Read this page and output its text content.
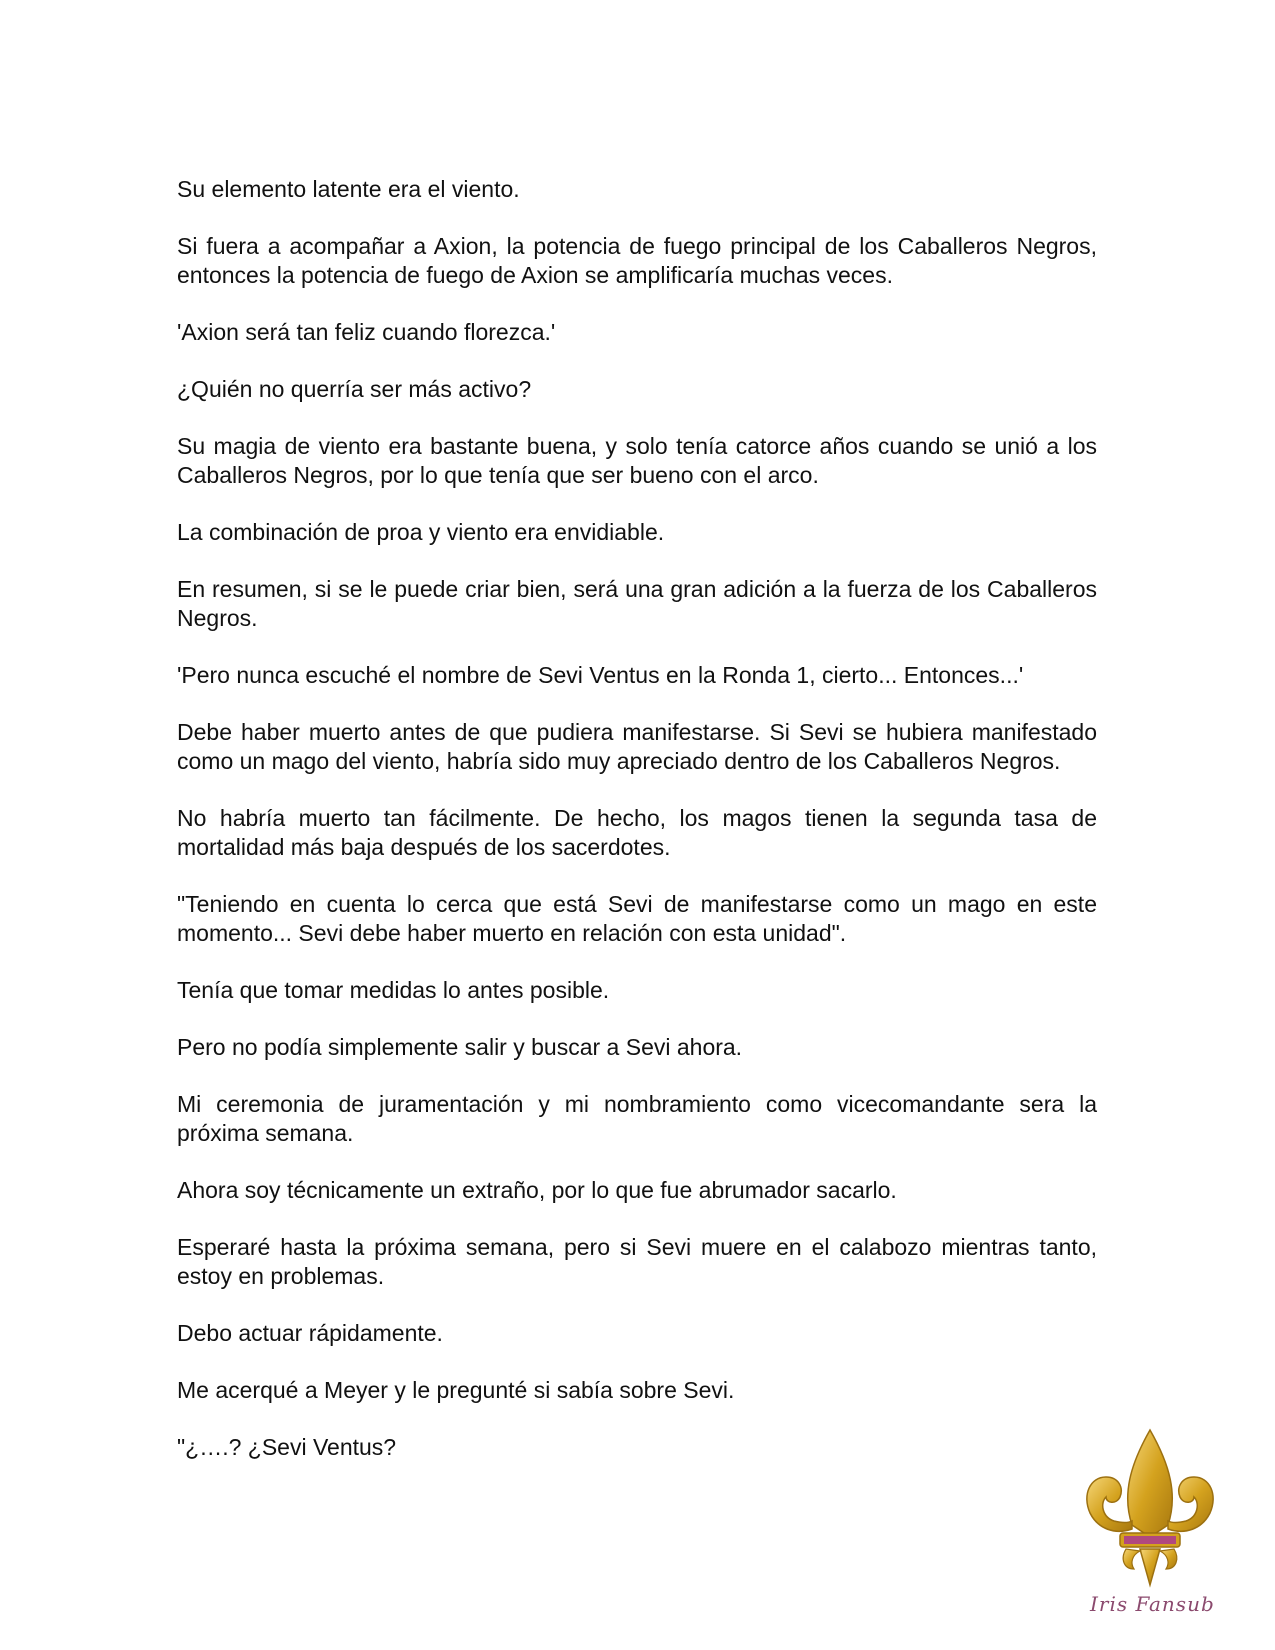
Su elemento latente era el viento.

Si fuera a acompañar a Axion, la potencia de fuego principal de los Caballeros Negros, entonces la potencia de fuego de Axion se amplificaría muchas veces.

'Axion será tan feliz cuando florezca.'

¿Quién no querría ser más activo?

Su magia de viento era bastante buena, y solo tenía catorce años cuando se unió a los Caballeros Negros, por lo que tenía que ser bueno con el arco.

La combinación de proa y viento era envidiable.

En resumen, si se le puede criar bien, será una gran adición a la fuerza de los Caballeros Negros.

'Pero nunca escuché el nombre de Sevi Ventus en la Ronda 1, cierto... Entonces...'

Debe haber muerto antes de que pudiera manifestarse. Si Sevi se hubiera manifestado como un mago del viento, habría sido muy apreciado dentro de los Caballeros Negros.

No habría muerto tan fácilmente. De hecho, los magos tienen la segunda tasa de mortalidad más baja después de los sacerdotes.

"Teniendo en cuenta lo cerca que está Sevi de manifestarse como un mago en este momento... Sevi debe haber muerto en relación con esta unidad".

Tenía que tomar medidas lo antes posible.

Pero no podía simplemente salir y buscar a Sevi ahora.

Mi ceremonia de juramentación y mi nombramiento como vicecomandante sera la próxima semana.

Ahora soy técnicamente un extraño, por lo que fue abrumador sacarlo.

Esperaré hasta la próxima semana, pero si Sevi muere en el calabozo mientras tanto, estoy en problemas.

Debo actuar rápidamente.

Me acerqué a Meyer y le pregunté si sabía sobre Sevi.

"¿….? ¿Sevi Ventus?

Iris Fansub
